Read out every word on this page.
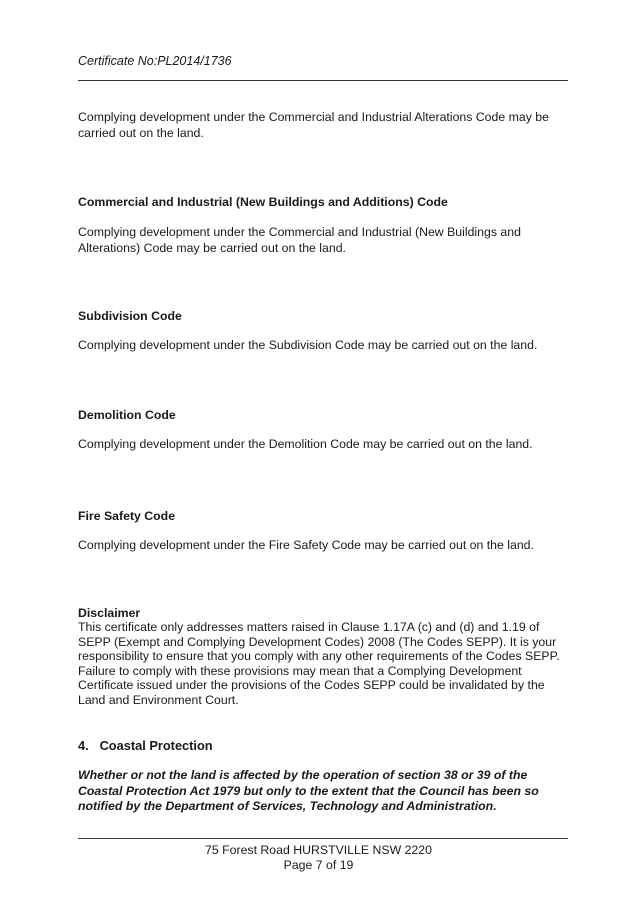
Certificate No:PL2014/1736

Complying development under the Commercial and Industrial Alterations Code may be carried out on the land.

Commercial and Industrial (New Buildings and Additions) Code

Complying development under the Commercial and Industrial (New Buildings and Alterations) Code may be carried out on the land.

Subdivision Code

Complying development under the Subdivision Code may be carried out on the land.

Demolition Code

Complying development under the Demolition Code may be carried out on the land.

Fire Safety Code

Complying development under the Fire Safety Code may be carried out on the land.

Disclaimer

This certificate only addresses matters raised in Clause 1.17A (c) and (d) and 1.19 of SEPP (Exempt and Complying Development Codes) 2008 (The Codes SEPP). It is your responsibility to ensure that you comply with any other requirements of the Codes SEPP. Failure to comply with these provisions may mean that a Complying Development Certificate issued under the provisions of the Codes SEPP could be invalidated by the Land and Environment Court.

4. Coastal Protection

Whether or not the land is affected by the operation of section 38 or 39 of the Coastal Protection Act 1979 but only to the extent that the Council has been so notified by the Department of Services, Technology and Administration.

75 Forest Road HURSTVILLE NSW 2220
Page 7 of 19
